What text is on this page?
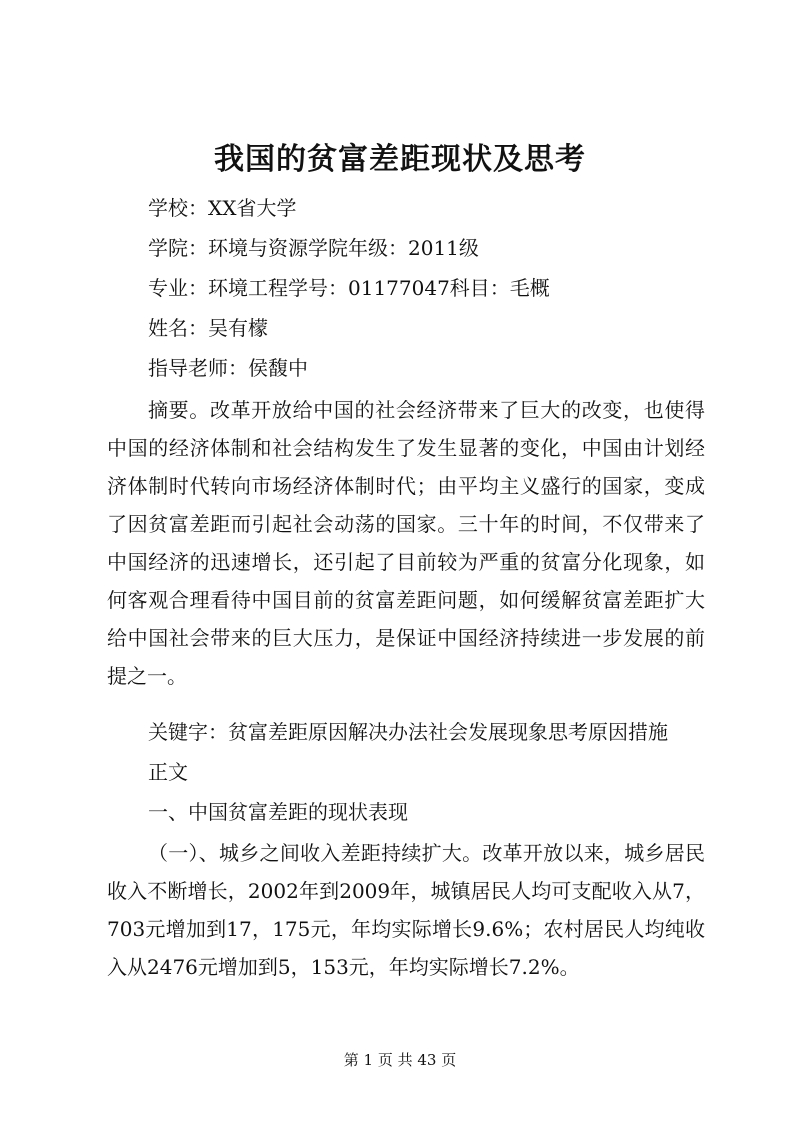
我国的贫富差距现状及思考
学校：XX省大学
学院：环境与资源学院年级：2011级
专业：环境工程学号：01177047科目：毛概
姓名：吴有檬
指导老师：侯馥中
摘要。改革开放给中国的社会经济带来了巨大的改变，也使得中国的经济体制和社会结构发生了发生显著的变化，中国由计划经济体制时代转向市场经济体制时代；由平均主义盛行的国家，变成了因贫富差距而引起社会动荡的国家。三十年的时间，不仅带来了中国经济的迅速增长，还引起了目前较为严重的贫富分化现象，如何客观合理看待中国目前的贫富差距问题，如何缓解贫富差距扩大给中国社会带来的巨大压力，是保证中国经济持续进一步发展的前提之一。
关键字：贫富差距原因解决办法社会发展现象思考原因措施
正文
一、中国贫富差距的现状表现
（一）、城乡之间收入差距持续扩大。改革开放以来，城乡居民收入不断增长，2002年到2009年，城镇居民人均可支配收入从7，703元增加到17，175元，年均实际增长9.6%；农村居民人均纯收入从2476元增加到5，153元，年均实际增长7.2%。
第 1 页 共 43 页
